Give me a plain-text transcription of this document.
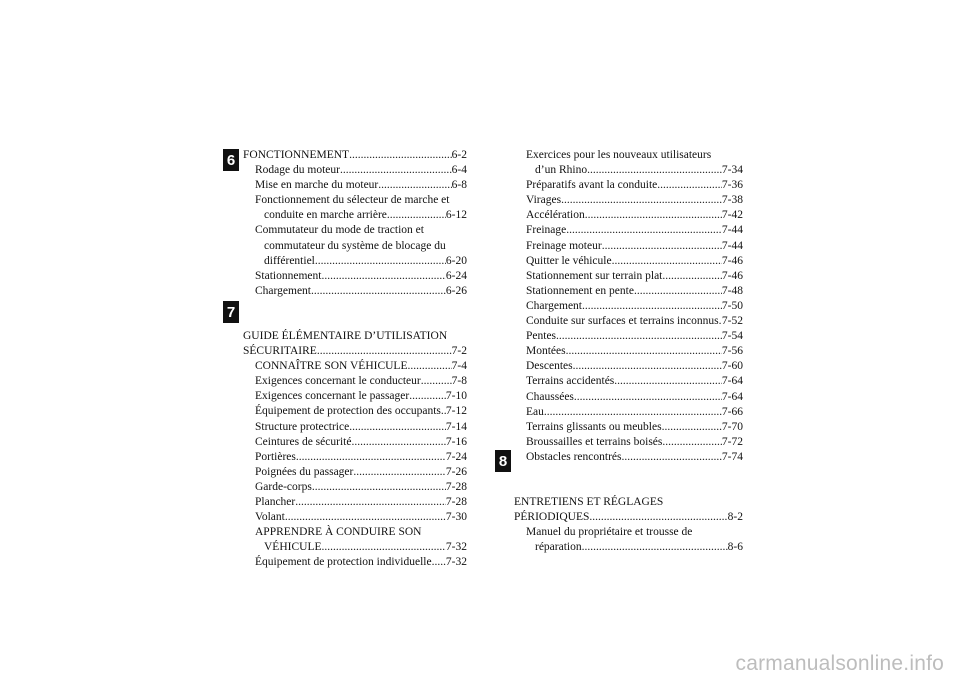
6
7
8
FONCTIONNEMENT .....	6-2
Rodage du moteur .....	6-4
Mise en marche du moteur .....	6-8
Fonctionnement du sélecteur de marche et
conduite en marche arrière .....	6-12
Commutateur du mode de traction et
commutateur du système de blocage du
différentiel .....	6-20
Stationnement .....	6-24
Chargement .....	6-26
GUIDE ÉLÉMENTAIRE D’UTILISATION
SÉCURITAIRE .....	7-2
CONNAÎTRE SON VÉHICULE .....	7-4
Exigences concernant le conducteur .....	7-8
Exigences concernant le passager .....	7-10
Équipement de protection des occupants ..... 7-12
Structure protectrice .....	7-14
Ceintures de sécurité .....	7-16
Portières .....	7-24
Poignées du passager .....	7-26
Garde-corps .....	7-28
Plancher .....	7-28
Volant .....	7-30
APPRENDRE À CONDUIRE SON
VÉHICULE .....	7-32
Équipement de protection individuelle ..... 7-32
Exercices pour les nouveaux utilisateurs
d’un Rhino .....	7-34
Préparatifs avant la conduite .....	7-36
Virages .....	7-38
Accélération .....	7-42
Freinage .....	7-44
Freinage moteur .....	7-44
Quitter le véhicule .....	7-46
Stationnement sur terrain plat .....	7-46
Stationnement en pente .....	7-48
Chargement .....	7-50
Conduite sur surfaces et terrains inconnus ..... 7-52
Pentes .....	7-54
Montées .....	7-56
Descentes .....	7-60
Terrains accidentés .....	7-64
Chaussées .....	7-64
Eau .....	7-66
Terrains glissants ou meubles .....	7-70
Broussailles et terrains boisés .....	7-72
Obstacles rencontrés .....	7-74
ENTRETIENS ET RÉGLAGES
PÉRIODIQUES .....	8-2
Manuel du propriétaire et trousse de
réparation .....	8-6
carmanualsonline.info
